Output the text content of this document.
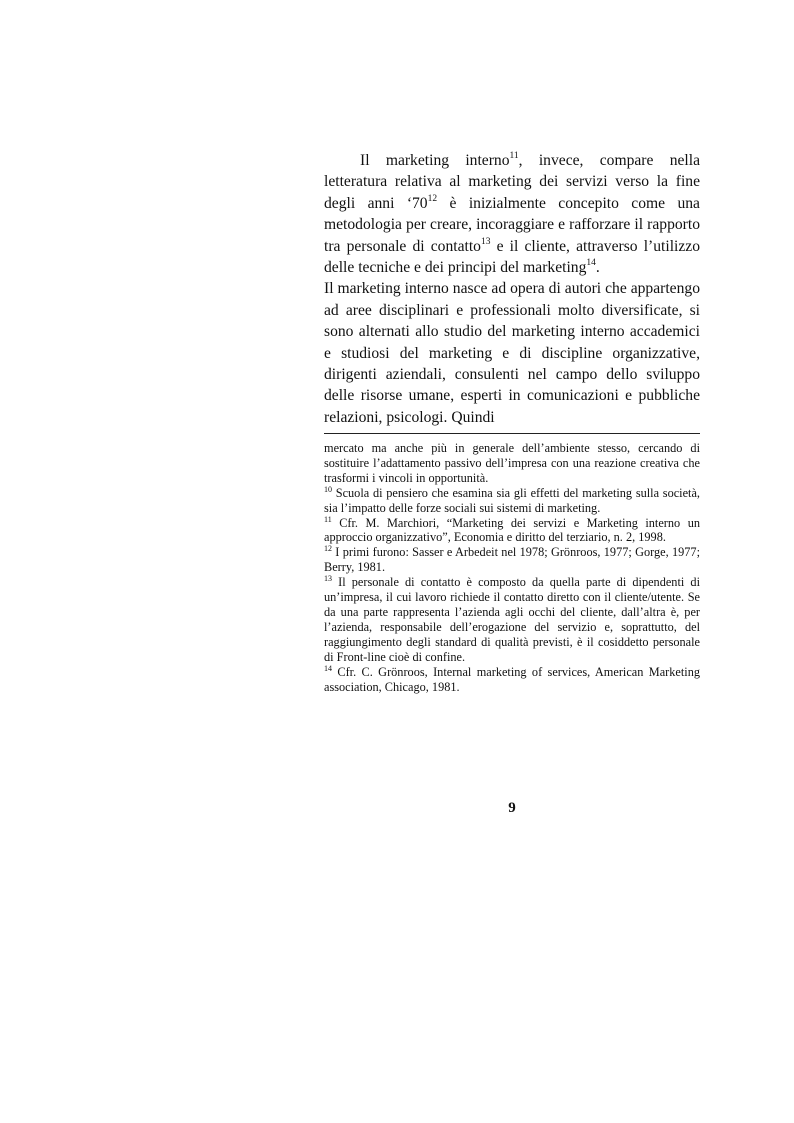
Il marketing interno$^{11}$, invece, compare nella letteratura relativa al marketing dei servizi verso la fine degli anni ‘$70^{12}$ è inizialmente concepito come una metodologia per creare, incoraggiare e rafforzare il rapporto tra personale di contatto$^{13}$ e il cliente, attraverso l’utilizzo delle tecniche e dei principi del marketing$^{14}$.

Il marketing interno nasce ad opera di autori che appartengo ad aree disciplinari e professionali molto diversificate, si sono alternati allo studio del marketing interno accademici e studiosi del marketing e di discipline organizzative, dirigenti aziendali, consulenti nel campo dello sviluppo delle risorse umane, esperti in comunicazioni e pubbliche relazioni, psicologi. Quindi

mercato ma anche più in generale dell’ambiente stesso, cercando di sostituire l’adattamento passivo dell’impresa con una reazione creativa che trasformi i vincoli in opportunità.

$^{10}$ Scuola di pensiero che esamina sia gli effetti del marketing sulla società, sia l’impatto delle forze sociali sui sistemi di marketing.

$^{11}$ Cfr. M. Marchiori, “Marketing dei servizi e Marketing interno un approccio organizzativo”, Economia e diritto del terziario, n. 2, 1998.

$^{12}$ I primi furono: Sasser e Arbedeit nel 1978; Grönroos, 1977; Gorge, 1977; Berry, 1981.

$^{13}$ Il personale di contatto è composto da quella parte di dipendenti di un’impresa, il cui lavoro richiede il contatto diretto con il cliente/utente. Se da una parte rappresenta l’azienda agli occhi del cliente, dall’altra è, per l’azienda, responsabile dell’erogazione del servizio e, soprattutto, del raggiungimento degli standard di qualità previsti, è il cosiddetto personale di Front-line cioè di confine.

$^{14}$ Cfr. C. Grönroos, Internal marketing of services, American Marketing association, Chicago, 1981.

9
